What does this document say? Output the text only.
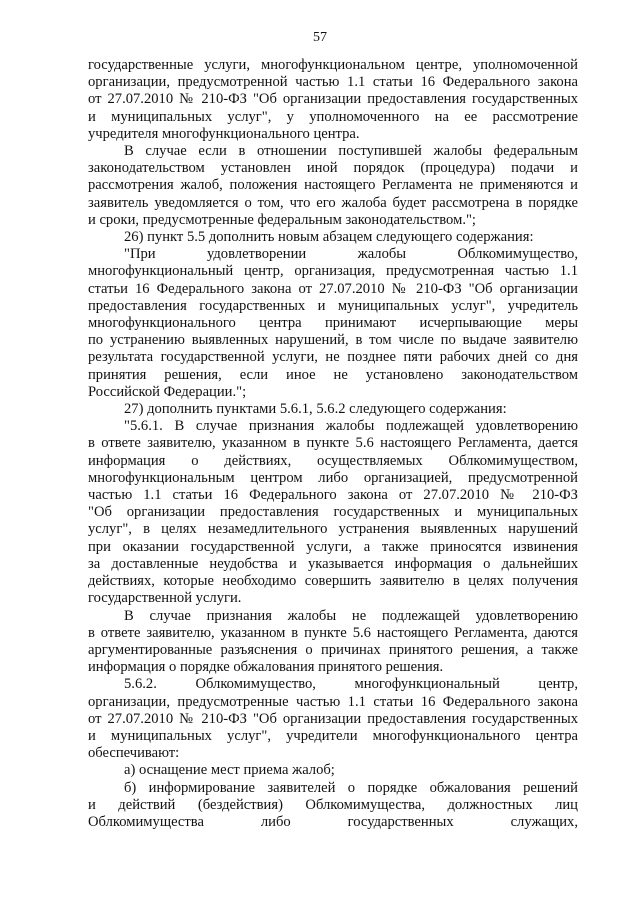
57
государственные услуги, многофункциональном центре, уполномоченной
организации, предусмотренной частью 1.1 статьи 16 Федерального закона
от 27.07.2010 № 210-ФЗ "Об организации предоставления государственных
и муниципальных услуг", у уполномоченного на ее рассмотрение
учредителя многофункционального центра.
В случае если в отношении поступившей жалобы федеральным
законодательством установлен иной порядок (процедура) подачи и
рассмотрения жалоб, положения настоящего Регламента не применяются и
заявитель уведомляется о том, что его жалоба будет рассмотрена в порядке
и сроки, предусмотренные федеральным законодательством.";
26) пункт 5.5 дополнить новым абзацем следующего содержания:
"При удовлетворении жалобы Облкомимущество,
многофункциональный центр, организация, предусмотренная частью 1.1
статьи 16 Федерального закона от 27.07.2010 № 210-ФЗ "Об организации
предоставления государственных и муниципальных услуг", учредитель
многофункционального центра принимают исчерпывающие меры
по устранению выявленных нарушений, в том числе по выдаче заявителю
результата государственной услуги, не позднее пяти рабочих дней со дня
принятия решения, если иное не установлено законодательством
Российской Федерации.";
27) дополнить пунктами 5.6.1, 5.6.2 следующего содержания:
"5.6.1. В случае признания жалобы подлежащей удовлетворению
в ответе заявителю, указанном в пункте 5.6 настоящего Регламента, дается
информация о действиях, осуществляемых Облкомимуществом,
многофункциональным центром либо организацией, предусмотренной
частью 1.1 статьи 16 Федерального закона от 27.07.2010 № 210-ФЗ
"Об организации предоставления государственных и муниципальных
услуг", в целях незамедлительного устранения выявленных нарушений
при оказании государственной услуги, а также приносятся извинения
за доставленные неудобства и указывается информация о дальнейших
действиях, которые необходимо совершить заявителю в целях получения
государственной услуги.
В случае признания жалобы не подлежащей удовлетворению
в ответе заявителю, указанном в пункте 5.6 настоящего Регламента, даются
аргументированные разъяснения о причинах принятого решения, а также
информация о порядке обжалования принятого решения.
5.6.2. Облкомимущество, многофункциональный центр,
организации, предусмотренные частью 1.1 статьи 16 Федерального закона
от 27.07.2010 № 210-ФЗ "Об организации предоставления государственных
и муниципальных услуг", учредители многофункционального центра
обеспечивают:
а) оснащение мест приема жалоб;
б) информирование заявителей о порядке обжалования решений
и действий (бездействия) Облкомимущества, должностных лиц
Облкомимущества либо государственных служащих,
